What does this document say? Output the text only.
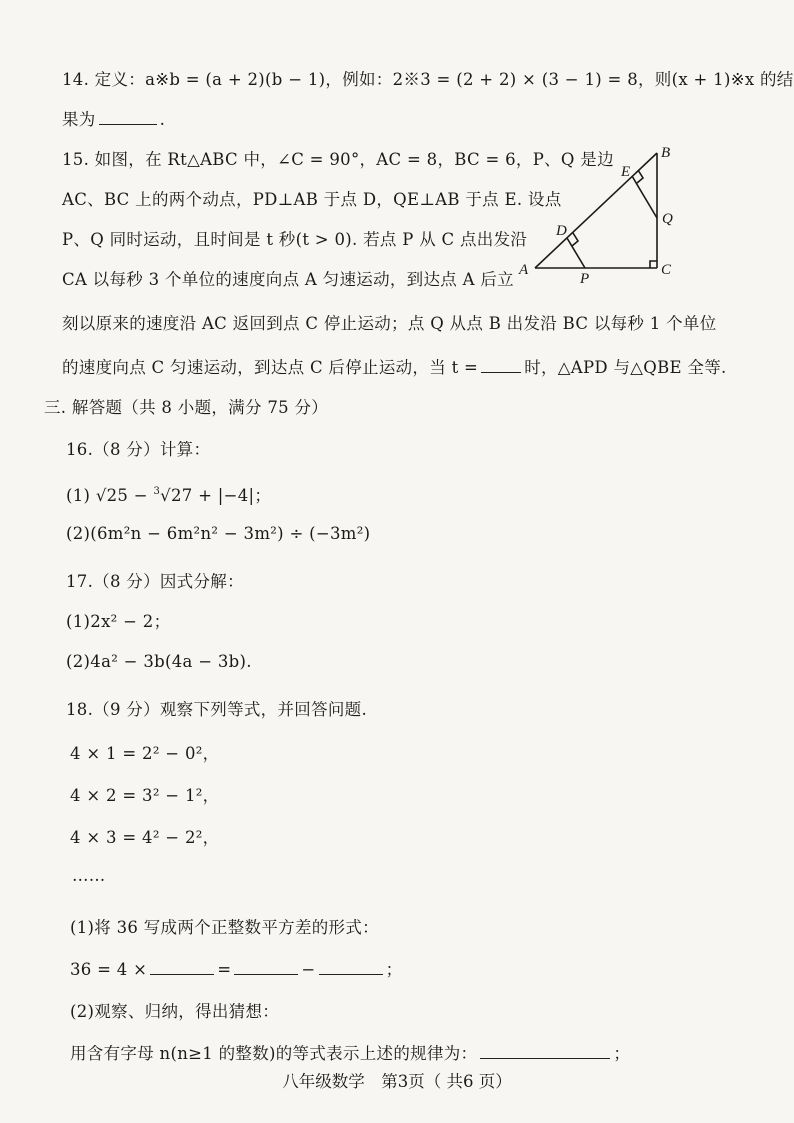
14. 定义：a※b = (a + 2)(b − 1)，例如：2※3 = (2 + 2) × (3 − 1) = 8，则(x + 1)※x 的结
果为	.
15. 如图，在 Rt△ABC 中，∠C = 90°，AC = 8，BC = 6，P、Q 是边
AC、BC 上的两个动点，PD⊥AB 于点 D，QE⊥AB 于点 E. 设点
P、Q 同时运动，且时间是 t 秒(t > 0). 若点 P 从 C 点出发沿
CA 以每秒 3 个单位的速度向点 A 匀速运动，到达点 A 后立
刻以原来的速度沿 AC 返回到点 C 停止运动；点 Q 从点 B 出发沿 BC 以每秒 1 个单位
的速度向点 C 匀速运动，到达点 C 后停止运动，当 t =	时，△APD 与△QBE 全等.
A
B
C
D
E
P
Q
三. 解答题（共 8 小题，满分 75 分）
16.（8 分）计算：
(1) √25 − $^3$√27 + |−4|；
(2)(6m²n − 6m²n² − 3m²) ÷ (−3m²)
17.（8 分）因式分解：
(1)2x² − 2；
(2)4a² − 3b(4a − 3b).
18.（9 分）观察下列等式，并回答问题.
4 × 1 = 2² − 0²，
4 × 2 = 3² − 1²，
4 × 3 = 4² − 2²，
……
(1)将 36 写成两个正整数平方差的形式：
36 = 4 ×	=	−	；
(2)观察、归纳，得出猜想：
用含有字母 n(n≥1 的整数)的等式表示上述的规律为：	；
八年级数学　第3页（ 共6 页）
